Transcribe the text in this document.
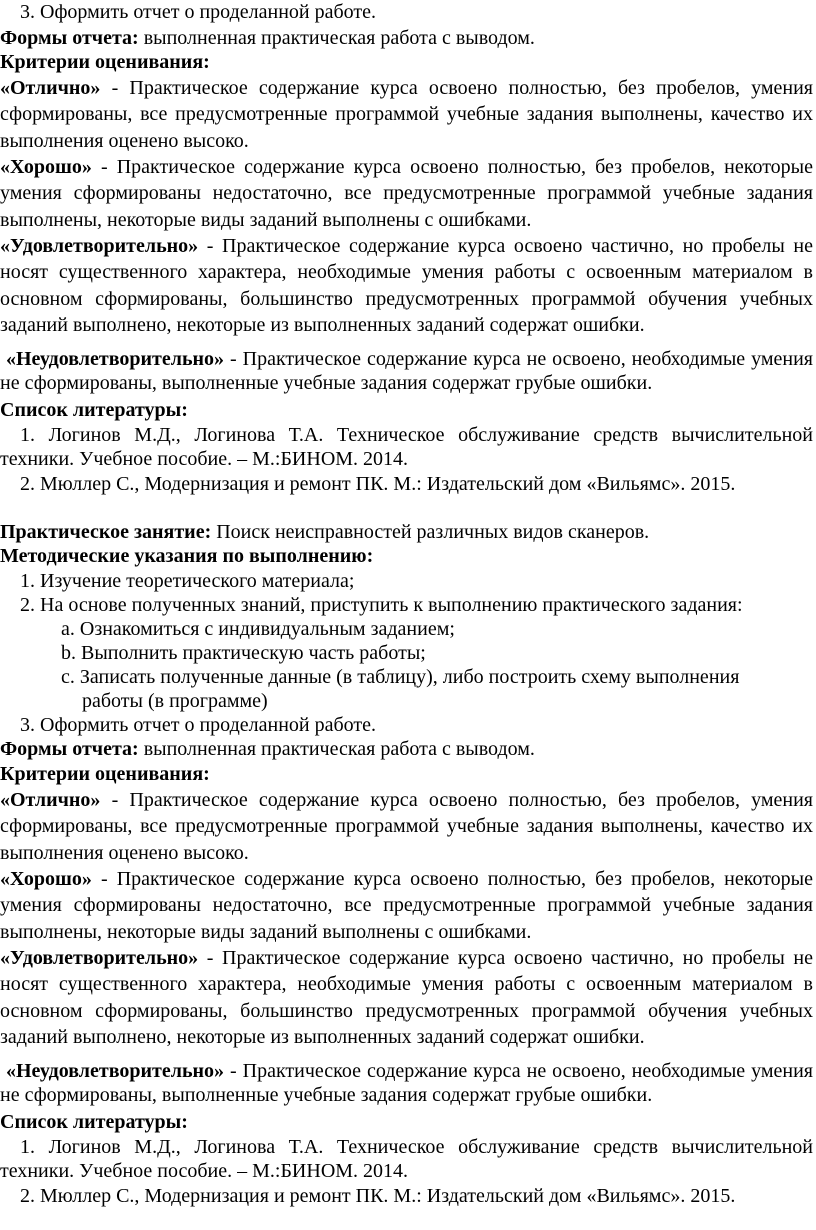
3. Оформить отчет о проделанной работе.
Формы отчета: выполненная практическая работа с выводом.
Критерии оценивания:

«Отлично» - Практическое содержание курса освоено полностью, без пробелов, умения сформированы, все предусмотренные программой учебные задания выполнены, качество их выполнения оценено высоко.

«Хорошо» - Практическое содержание курса освоено полностью, без пробелов, некоторые умения сформированы недостаточно, все предусмотренные программой учебные задания выполнены, некоторые виды заданий выполнены с ошибками.

«Удовлетворительно» - Практическое содержание курса освоено частично, но пробелы не носят существенного характера, необходимые умения работы с освоенным материалом в основном сформированы, большинство предусмотренных программой обучения учебных заданий выполнено, некоторые из выполненных заданий содержат ошибки.

«Неудовлетворительно» - Практическое содержание курса не освоено, необходимые умения не сформированы, выполненные учебные задания содержат грубые ошибки.

Список литературы:

1. Логинов М.Д., Логинова Т.А. Техническое обслуживание средств вычислительной техники. Учебное пособие. – М.:БИНОМ. 2014.

2. Мюллер С., Модернизация и ремонт ПК. М.: Издательский дом «Вильямс». 2015.
Практическое занятие: Поиск неисправностей различных видов сканеров.
Методические указания по выполнению:
1. Изучение теоретического материала;
2. На основе полученных знаний, приступить к выполнению практического задания:
a. Ознакомиться с индивидуальным заданием;
b. Выполнить практическую часть работы;
c. Записать полученные данные (в таблицу), либо построить схему выполнения
работы (в программе)
3. Оформить отчет о проделанной работе.
Формы отчета: выполненная практическая работа с выводом.
Критерии оценивания:

«Отлично» - Практическое содержание курса освоено полностью, без пробелов, умения сформированы, все предусмотренные программой учебные задания выполнены, качество их выполнения оценено высоко.

«Хорошо» - Практическое содержание курса освоено полностью, без пробелов, некоторые умения сформированы недостаточно, все предусмотренные программой учебные задания выполнены, некоторые виды заданий выполнены с ошибками.

«Удовлетворительно» - Практическое содержание курса освоено частично, но пробелы не носят существенного характера, необходимые умения работы с освоенным материалом в основном сформированы, большинство предусмотренных программой обучения учебных заданий выполнено, некоторые из выполненных заданий содержат ошибки.

«Неудовлетворительно» - Практическое содержание курса не освоено, необходимые умения не сформированы, выполненные учебные задания содержат грубые ошибки.

Список литературы:

1. Логинов М.Д., Логинова Т.А. Техническое обслуживание средств вычислительной техники. Учебное пособие. – М.:БИНОМ. 2014.

2. Мюллер С., Модернизация и ремонт ПК. М.: Издательский дом «Вильямс». 2015.
